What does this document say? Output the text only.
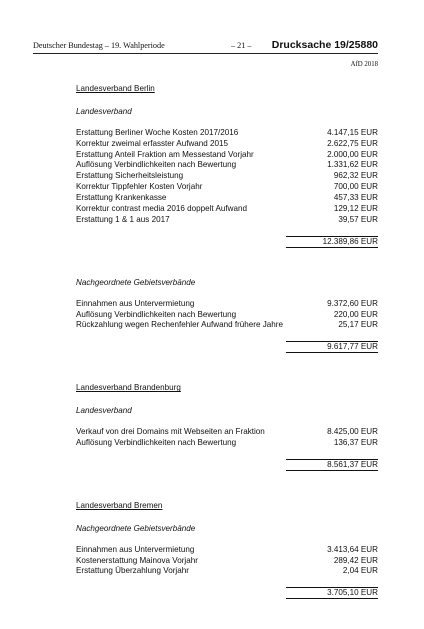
Deutscher Bundestag – 19. Wahlperiode	– 21 – Drucksache 19/25880
AfD 2018
Landesverband Berlin
Landesverband
Erstattung Berliner Woche Kosten 2017/2016	4.147,15 EUR
Korrektur zweimal erfasster Aufwand 2015	2.622,75 EUR
Erstattung Anteil Fraktion am Messestand Vorjahr	2.000,00 EUR
Auflösung Verbindlichkeiten nach Bewertung	1.331,62 EUR
Erstattung Sicherheitsleistung	962,32 EUR
Korrektur Tippfehler Kosten Vorjahr	700,00 EUR
Erstattung Krankenkasse	457,33 EUR
Korrektur contrast media 2016 doppelt Aufwand	129,12 EUR
Erstattung 1 & 1 aus 2017	39,57 EUR
12.389,86 EUR
Nachgeordnete Gebietsverbände
Einnahmen aus Untervermietung	9.372,60 EUR
Auflösung Verbindlichkeiten nach Bewertung	220,00 EUR
Rückzahlung wegen Rechenfehler Aufwand frühere Jahre	25,17 EUR
9.617,77 EUR
Landesverband Brandenburg
Landesverband
Verkauf von drei Domains mit Webseiten an Fraktion	8.425,00 EUR
Auflösung Verbindlichkeiten nach Bewertung	136,37 EUR
8.561,37 EUR
Landesverband Bremen
Nachgeordnete Gebietsverbände
Einnahmen aus Untervermietung	3.413,64 EUR
Kostenerstattung Mainova Vorjahr	289,42 EUR
Erstattung Überzahlung Vorjahr	2,04 EUR
3.705,10 EUR
